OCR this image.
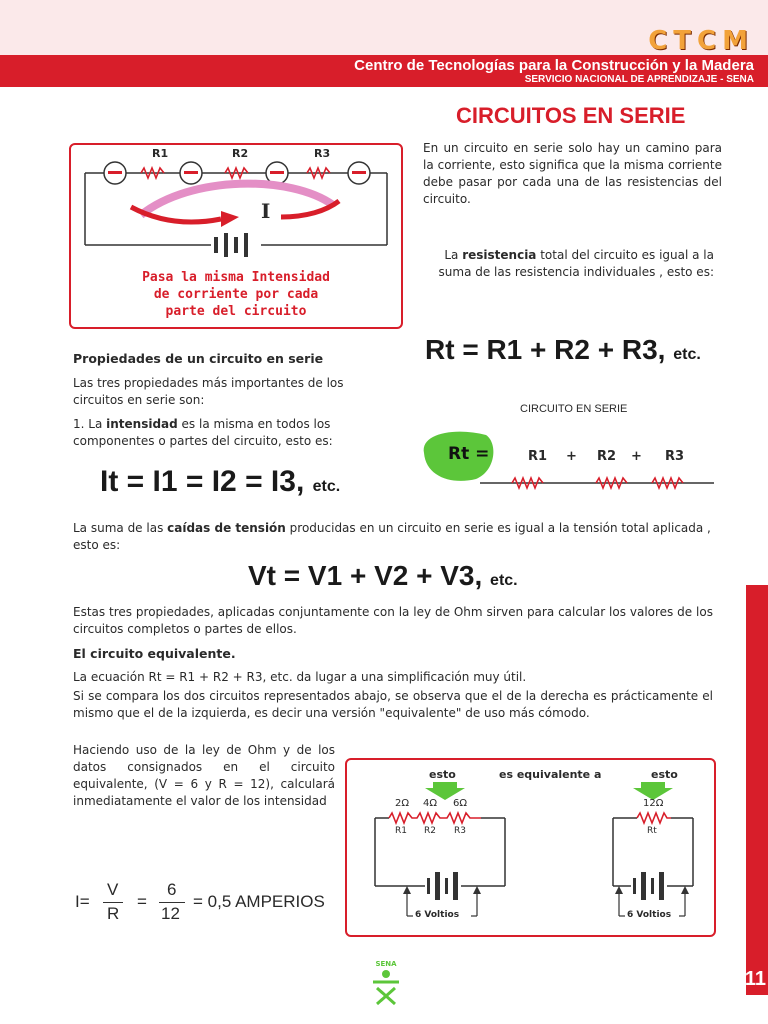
CTCM
Centro de Tecnologías para la Construcción y la Madera
SERVICIO NACIONAL DE APRENDIZAJE - SENA
CIRCUITOS EN SERIE
R1	R2	R3
I
Pasa la misma Intensidad
de corriente por cada
parte del circuito

En un circuito en serie solo hay un camino para la corriente, esto significa que la misma corriente debe pasar por cada una de las resistencias del circuito.

La resistencia total del circuito es igual a la suma de las resistencia individuales , esto es:

Rt = R1 + R2 + R3, etc.
CIRCUITO EN SERIE
Rt =	R1 + R2 + R3
Propiedades de un circuito en serie

Las tres propiedades más importantes de los circuitos en serie son:

1. La intensidad es la misma en todos los componentes o partes del circuito, esto es:

It = I1 = I2 = I3, etc.

La suma de las caídas de tensión producidas en un circuito en serie es igual a la tensión total aplicada , esto es:

Vt = V1 + V2 + V3, etc.

Estas tres propiedades, aplicadas conjuntamente con la ley de Ohm sirven para calcular los valores de los circuitos completos o partes de ellos.

El circuito equivalente.

La ecuación Rt = R1 + R2 + R3, etc. da lugar a una simplificación muy útil.

Si se compara los dos circuitos representados abajo, se observa que el de la derecha es prácticamente el mismo que el de la izquierda, es decir una versión "equivalente" de uso más cómodo.

Haciendo uso de la ley de Ohm y de los datos consignados en el circuito equivalente, (V = 6 y R = 12), calculará inmediatamente el valor de los intensidad

I=
V
R
=
6
12
= 0,5 AMPERIOS
esto	es equivalente a	esto
2Ω 4Ω 6Ω
R1 R2 R3
12Ω
Rt
6 Voltios	6 Voltios
11
SENA
